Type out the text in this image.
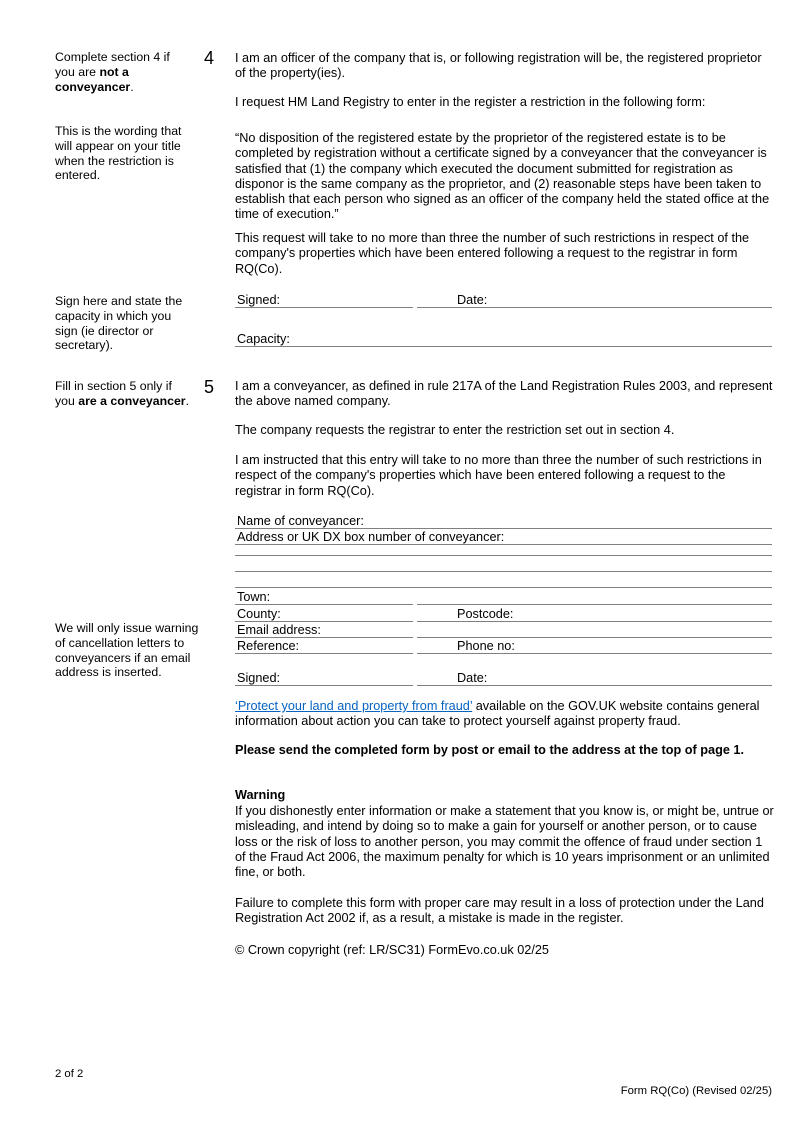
Complete section 4 if you are not a conveyancer.
This is the wording that will appear on your title when the restriction is entered.
Sign here and state the capacity in which you sign (ie director or secretary).
Fill in section 5 only if you are a conveyancer.
We will only issue warning of cancellation letters to conveyancers if an email address is inserted.
4 I am an officer of the company that is, or following registration will be, the registered proprietor of the property(ies).
I request HM Land Registry to enter in the register a restriction in the following form:
“No disposition of the registered estate by the proprietor of the registered estate is to be completed by registration without a certificate signed by a conveyancer that the conveyancer is satisfied that (1) the company which executed the document submitted for registration as disponor is the same company as the proprietor, and (2) reasonable steps have been taken to establish that each person who signed as an officer of the company held the stated office at the time of execution.”
This request will take to no more than three the number of such restrictions in respect of the company's properties which have been entered following a request to the registrar in form RQ(Co).
Signed:	Date:
Capacity:
5 I am a conveyancer, as defined in rule 217A of the Land Registration Rules 2003, and represent the above named company.
The company requests the registrar to enter the restriction set out in section 4.
I am instructed that this entry will take to no more than three the number of such restrictions in respect of the company's properties which have been entered following a request to the registrar in form RQ(Co).
Name of conveyancer:
Address or UK DX box number of conveyancer:
Town:
County:	Postcode:
Email address:
Reference:	Phone no:
Signed:	Date:
‘Protect your land and property from fraud’ available on the GOV.UK website contains general information about action you can take to protect yourself against property fraud.
Please send the completed form by post or email to the address at the top of page 1.
Warning
If you dishonestly enter information or make a statement that you know is, or might be, untrue or misleading, and intend by doing so to make a gain for yourself or another person, or to cause loss or the risk of loss to another person, you may commit the offence of fraud under section 1 of the Fraud Act 2006, the maximum penalty for which is 10 years imprisonment or an unlimited fine, or both.
Failure to complete this form with proper care may result in a loss of protection under the Land Registration Act 2002 if, as a result, a mistake is made in the register.
© Crown copyright (ref: LR/SC31) FormEvo.co.uk 02/25
2 of 2
Form RQ(Co) (Revised 02/25)
